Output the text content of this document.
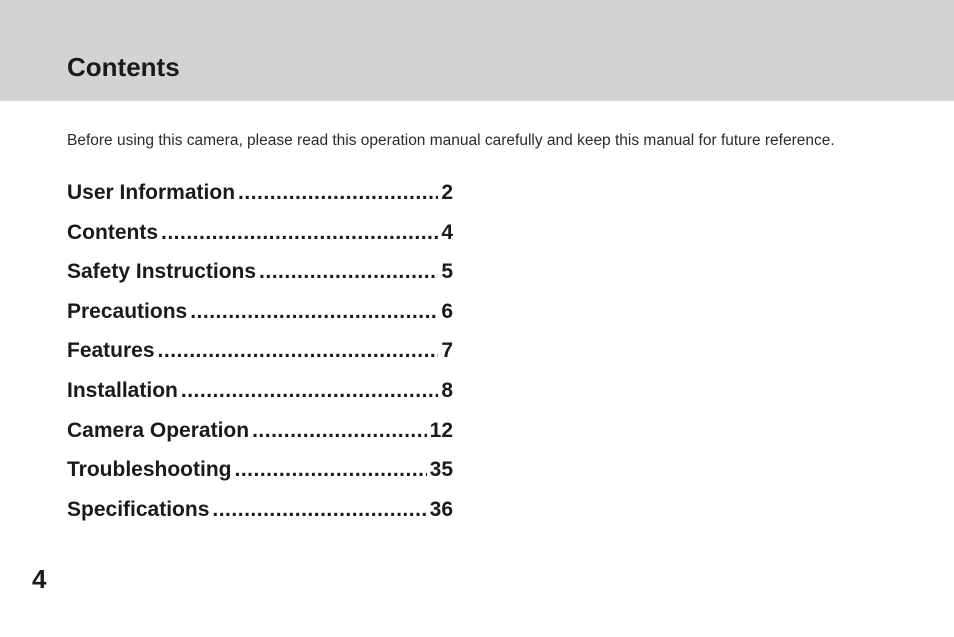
Contents

Before using this camera, please read this operation manual carefully and keep this manual for future reference.

User Information .....	2
Contents .....	4
Safety Instructions .....	5
Precautions .....	6
Features .....	7
Installation .....	8
Camera Operation .....	12
Troubleshooting .....	35
Specifications .....	36

4
